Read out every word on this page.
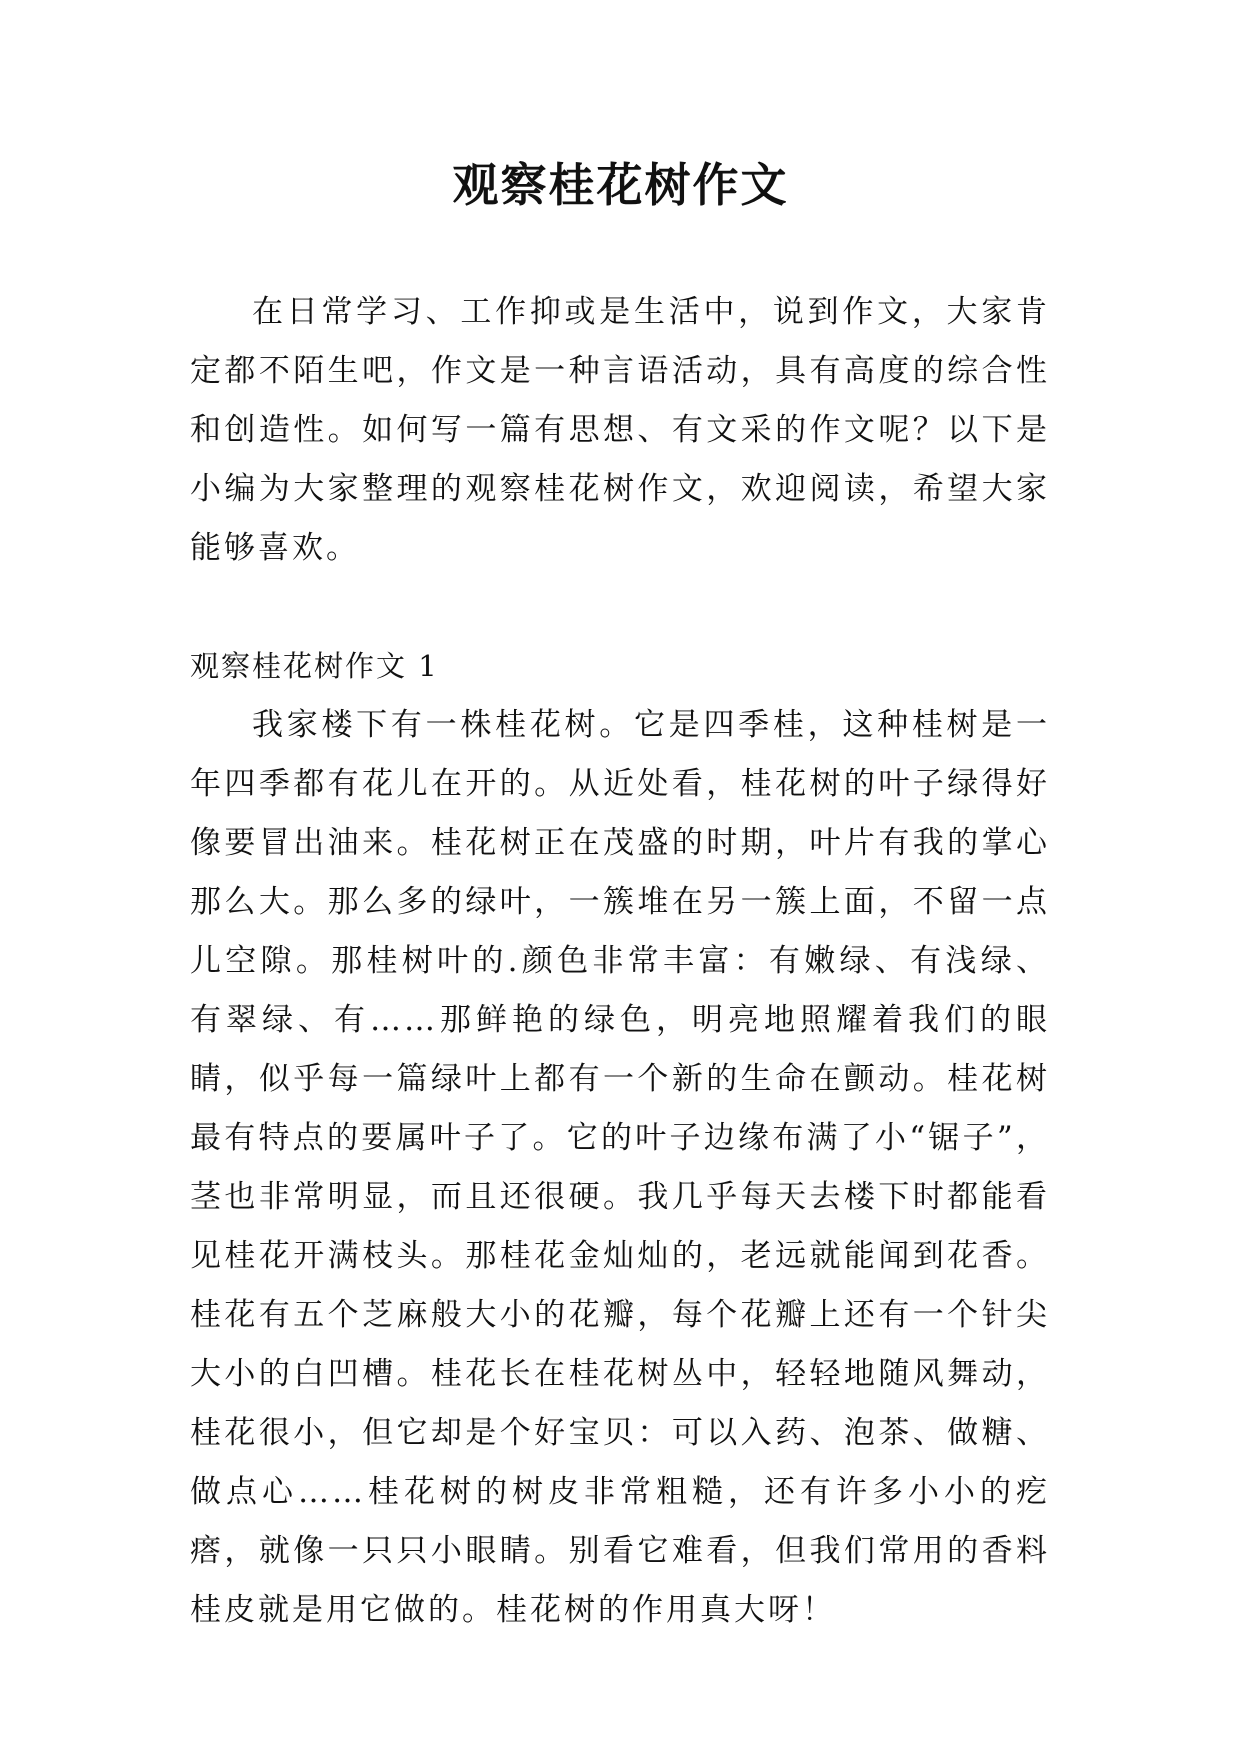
观察桂花树作文

在日常学习、工作抑或是生活中，说到作文，大家肯定都不陌生吧，作文是一种言语活动，具有高度的综合性和创造性。如何写一篇有思想、有文采的作文呢？以下是小编为大家整理的观察桂花树作文，欢迎阅读，希望大家能够喜欢。

观察桂花树作文 1

我家楼下有一株桂花树。它是四季桂，这种桂树是一年四季都有花儿在开的。从近处看，桂花树的叶子绿得好像要冒出油来。桂花树正在茂盛的时期，叶片有我的掌心那么大。那么多的绿叶，一簇堆在另一簇上面，不留一点儿空隙。那桂树叶的.颜色非常丰富：有嫩绿、有浅绿、有翠绿、有……那鲜艳的绿色，明亮地照耀着我们的眼睛，似乎每一篇绿叶上都有一个新的生命在颤动。桂花树最有特点的要属叶子了。它的叶子边缘布满了小“锯子”，茎也非常明显，而且还很硬。我几乎每天去楼下时都能看见桂花开满枝头。那桂花金灿灿的，老远就能闻到花香。桂花有五个芝麻般大小的花瓣，每个花瓣上还有一个针尖大小的白凹槽。桂花长在桂花树丛中，轻轻地随风舞动，桂花很小，但它却是个好宝贝：可以入药、泡茶、做糖、做点心……桂花树的树皮非常粗糙，还有许多小小的疙瘩，就像一只只小眼睛。别看它难看，但我们常用的香料桂皮就是用它做的。桂花树的作用真大呀！
